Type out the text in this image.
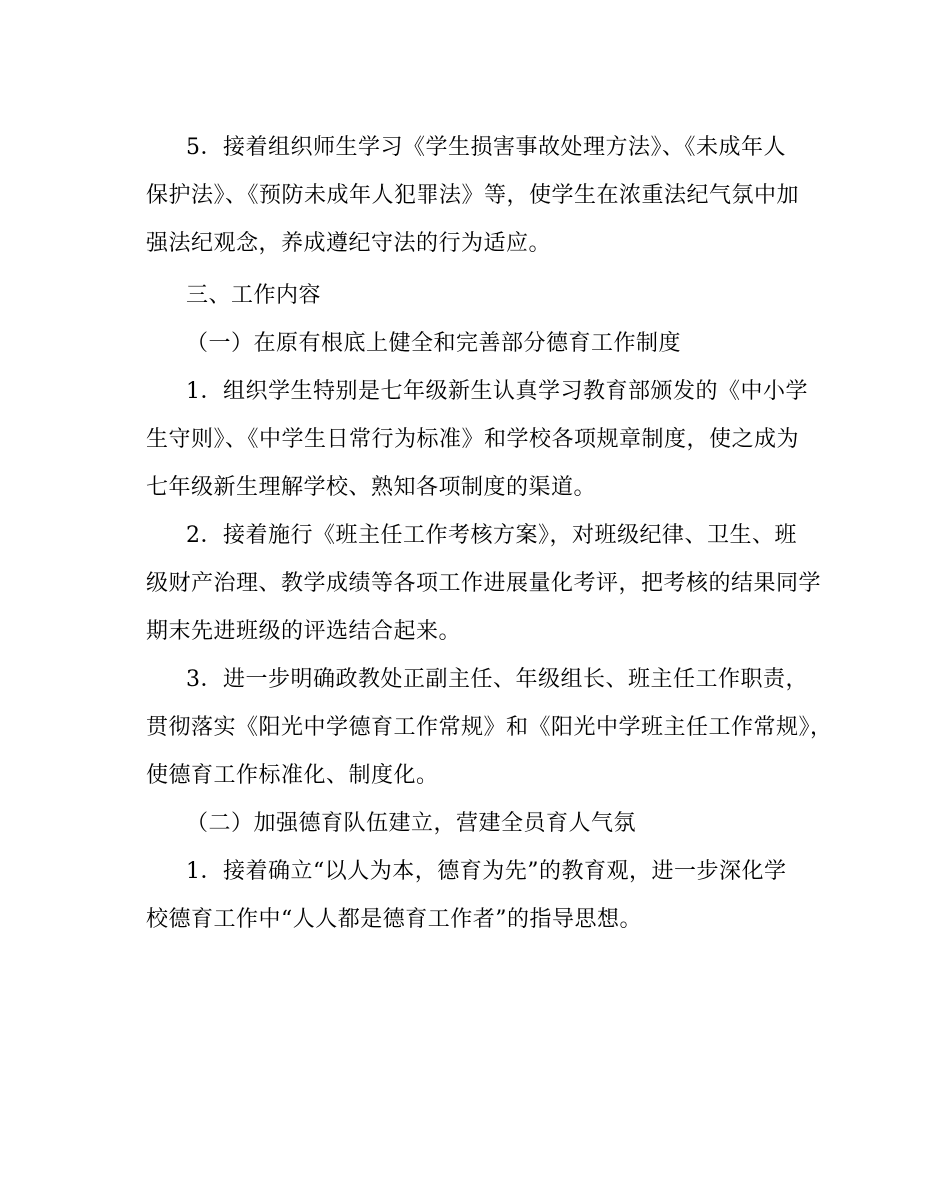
5．接着组织师生学习《学生损害事故处理方法》、《未成年人
保护法》、《预防未成年人犯罪法》等，使学生在浓重法纪气氛中加
强法纪观念，养成遵纪守法的行为适应。
三、工作内容
（一）在原有根底上健全和完善部分德育工作制度
1．组织学生特别是七年级新生认真学习教育部颁发的《中小学
生守则》、《中学生日常行为标准》和学校各项规章制度，使之成为
七年级新生理解学校、熟知各项制度的渠道。
2．接着施行《班主任工作考核方案》，对班级纪律、卫生、班
级财产治理、教学成绩等各项工作进展量化考评，把考核的结果同学
期末先进班级的评选结合起来。
3．进一步明确政教处正副主任、年级组长、班主任工作职责，
贯彻落实《阳光中学德育工作常规》和《阳光中学班主任工作常规》，
使德育工作标准化、制度化。
（二）加强德育队伍建立，营建全员育人气氛
1．接着确立“以人为本，德育为先”的教育观，进一步深化学
校德育工作中“人人都是德育工作者”的指导思想。
